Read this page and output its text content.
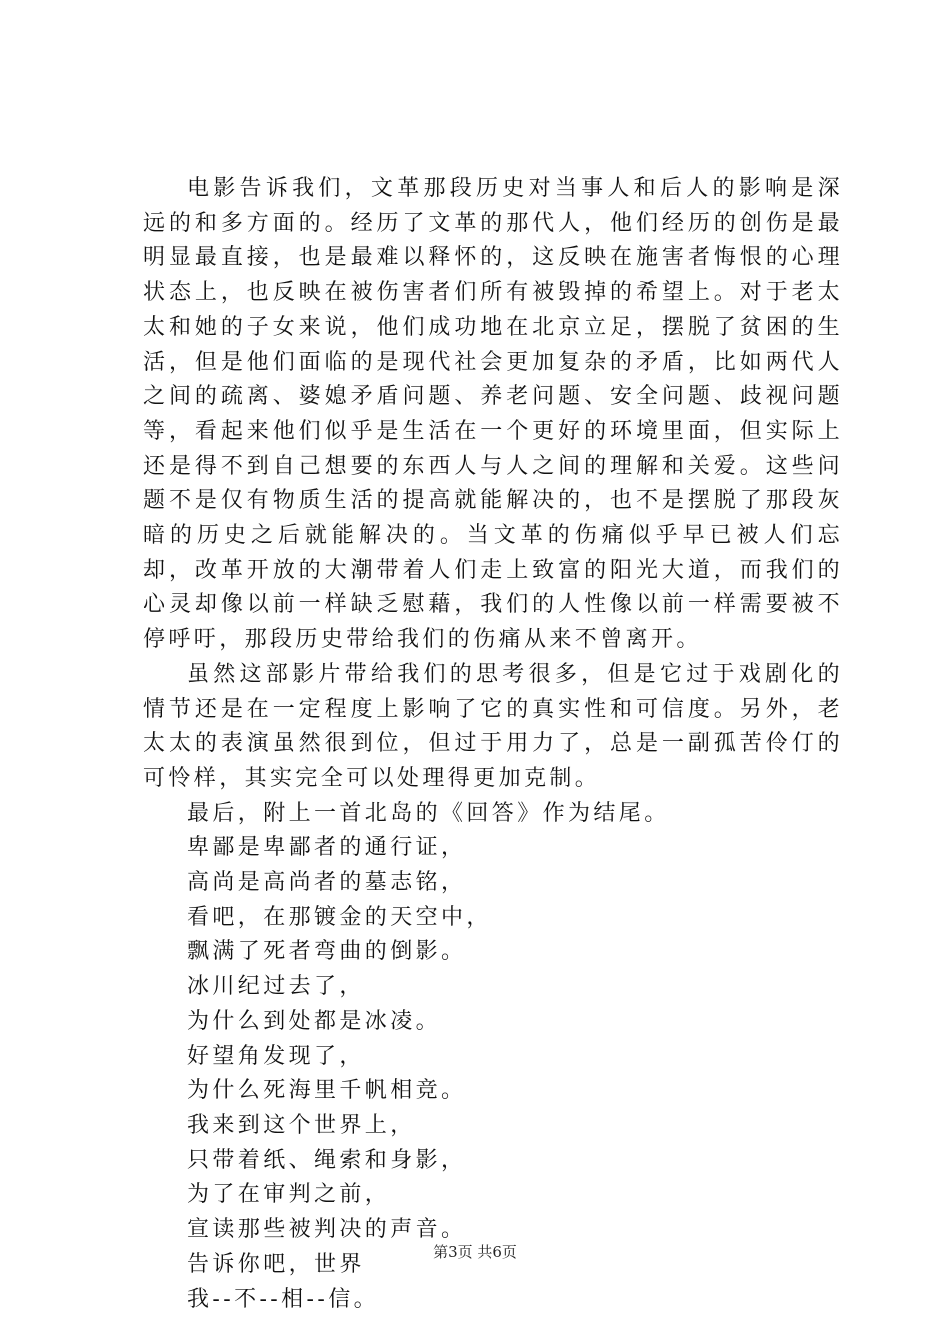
电影告诉我们，文革那段历史对当事人和后人的影响是深远的和多方面的。经历了文革的那代人，他们经历的创伤是最明显最直接，也是最难以释怀的，这反映在施害者悔恨的心理状态上，也反映在被伤害者们所有被毁掉的希望上。对于老太太和她的子女来说，他们成功地在北京立足，摆脱了贫困的生活，但是他们面临的是现代社会更加复杂的矛盾，比如两代人之间的疏离、婆媳矛盾问题、养老问题、安全问题、歧视问题等，看起来他们似乎是生活在一个更好的环境里面，但实际上还是得不到自己想要的东西人与人之间的理解和关爱。这些问题不是仅有物质生活的提高就能解决的，也不是摆脱了那段灰暗的历史之后就能解决的。当文革的伤痛似乎早已被人们忘却，改革开放的大潮带着人们走上致富的阳光大道，而我们的心灵却像以前一样缺乏慰藉，我们的人性像以前一样需要被不停呼吁，那段历史带给我们的伤痛从来不曾离开。

虽然这部影片带给我们的思考很多，但是它过于戏剧化的情节还是在一定程度上影响了它的真实性和可信度。另外，老太太的表演虽然很到位，但过于用力了，总是一副孤苦伶仃的可怜样，其实完全可以处理得更加克制。

最后，附上一首北岛的《回答》作为结尾。

卑鄙是卑鄙者的通行证，
高尚是高尚者的墓志铭，
看吧，在那镀金的天空中，
飘满了死者弯曲的倒影。
冰川纪过去了，
为什么到处都是冰凌。
好望角发现了，
为什么死海里千帆相竞。
我来到这个世界上，
只带着纸、绳索和身影，
为了在审判之前，
宣读那些被判决的声音。
告诉你吧，世界
我--不--相--信。
第3页 共6页
